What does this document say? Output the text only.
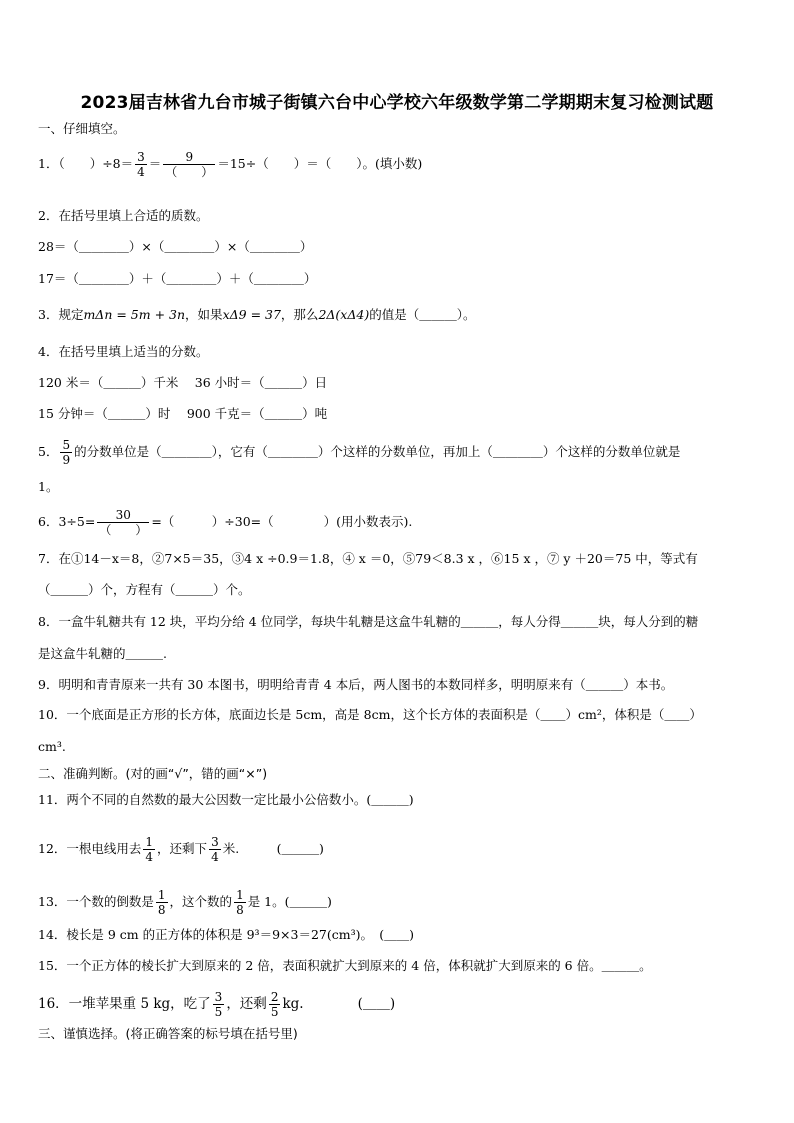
2023届吉林省九台市城子街镇六台中心学校六年级数学第二学期期末复习检测试题
一、仔细填空。
1．（　　）$\div 8= \frac{3}{4} = \frac{9}{( )} =15\div$（　　）＝（　　）。(填小数)
2．在括号里填上合适的质数。
28＝（＿＿＿＿）×（＿＿＿＿）×（＿＿＿＿）
17＝（＿＿＿＿）＋（＿＿＿＿）＋（＿＿＿＿）
3．规定mΔn = 5m + 3n，如果xΔ9 = 37，那么2Δ(xΔ4)的值是（＿＿＿）。
4．在括号里填上适当的分数。
120 米＝（＿＿＿）千米　 36 小时＝（＿＿＿）日
15 分钟＝（＿＿＿）时　 900 千克＝（＿＿＿）吨
5． $\frac{5}{9}$ 的分数单位是（＿＿＿＿），它有（＿＿＿＿）个这样的分数单位，再加上（＿＿＿＿）个这样的分数单位就是
1。
6．$3\div 5= \frac{30}{( )}$ =（　　　）÷30=（　　　　）(用小数表示).
7．在①14－x＝8，②7×5＝35，③4 x ÷0.9＝1.8，④ x ＝0，⑤79＜8.3 x ，⑥15 x ，⑦ y ＋20＝75 中，等式有
（＿＿＿）个，方程有（＿＿＿）个。
8．一盒牛轧糖共有 12 块，平均分给 4 位同学，每块牛轧糖是这盒牛轧糖的＿＿＿，每人分得＿＿＿块，每人分到的糖
是这盒牛轧糖的＿＿＿.
9．明明和青青原来一共有 30 本图书，明明给青青 4 本后，两人图书的本数同样多，明明原来有（＿＿＿）本书。
10．一个底面是正方形的长方体，底面边长是 5cm，高是 8cm，这个长方体的表面积是（＿＿）cm²，体积是（＿＿）
cm³.
二、准确判断。(对的画“√”，错的画“×”)
11．两个不同的自然数的最大公因数一定比最小公倍数小。(＿＿＿)
12．一根电线用去 $\frac{1}{4}$ ，还剩下 $\frac{3}{4}$ 米.　　　(＿＿＿)
13．一个数的倒数是 $\frac{1}{8}$ ，这个数的 $\frac{1}{8}$ 是 1。(＿＿＿)
14．棱长是 9 cm 的正方体的体积是 9³＝9×3＝27(cm³)。　(＿＿)
15．一个正方体的棱长扩大到原来的 2 倍，表面积就扩大到原来的 4 倍，体积就扩大到原来的 6 倍。＿＿＿。
16．一堆苹果重 5 kg，吃了 $\frac{3}{5}$ ，还剩 $\frac{2}{5}$ kg.　　　　(＿＿)
三、谨慎选择。(将正确答案的标号填在括号里)
